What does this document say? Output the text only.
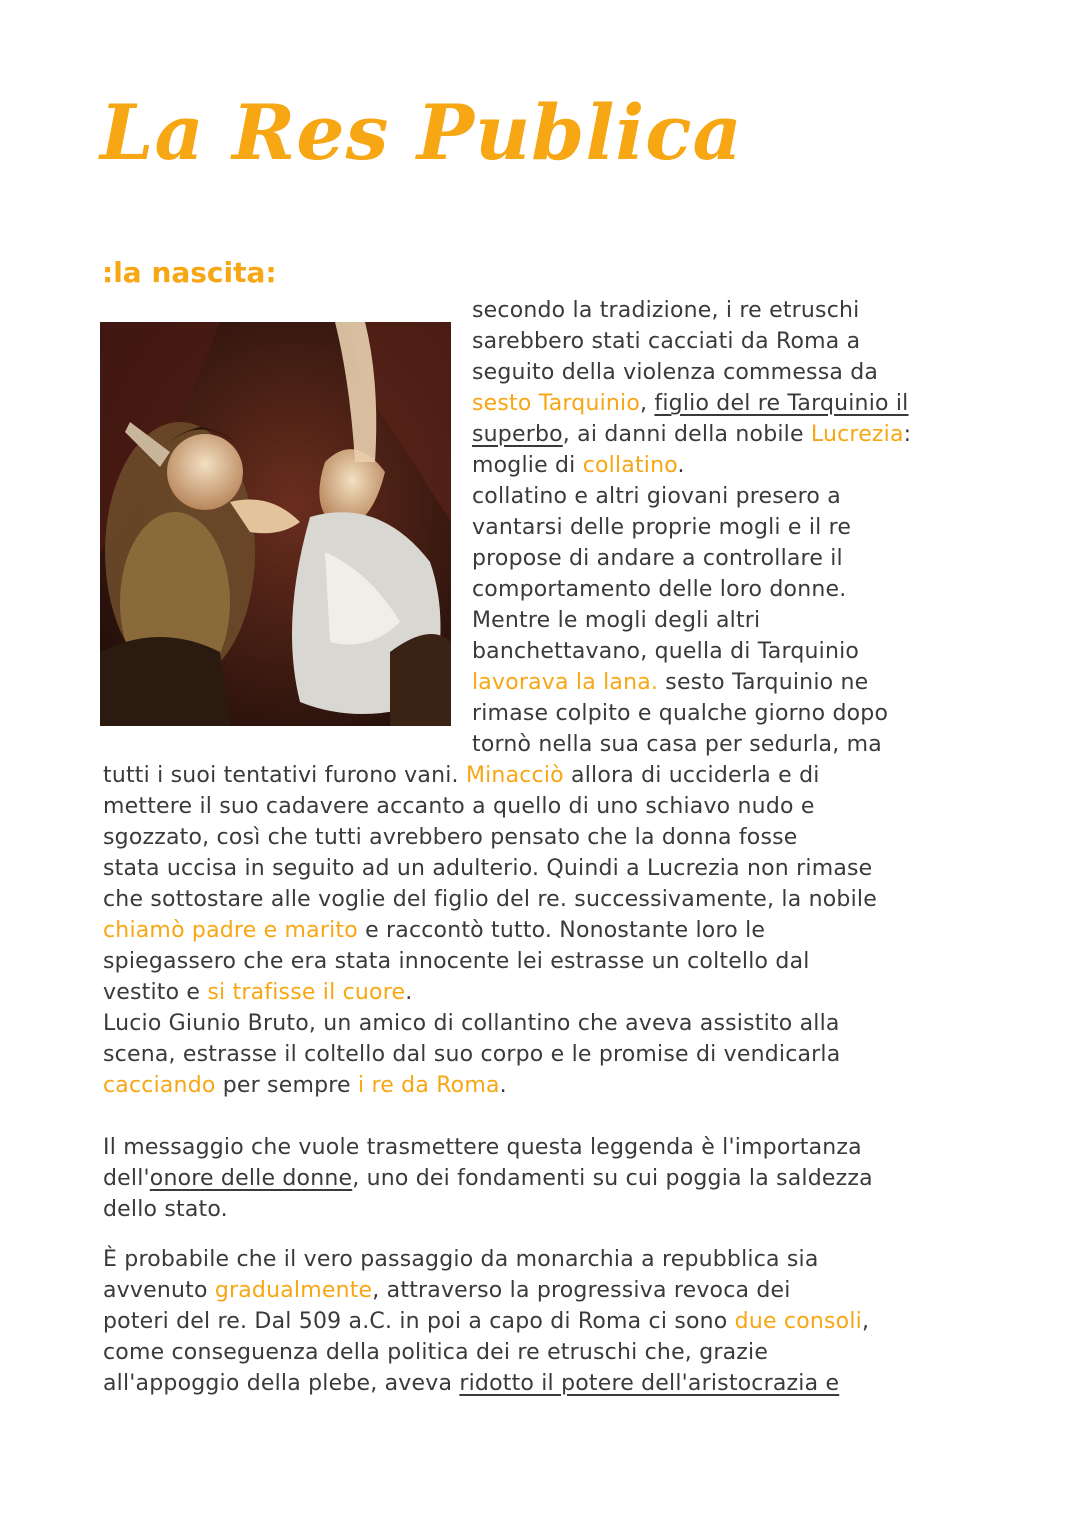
La Res Publica
:la nascita:

secondo la tradizione, i re etruschi

sarebbero stati cacciati da Roma a

seguito della violenza commessa da

sesto Tarquinio, figlio del re Tarquinio il

superbo, ai danni della nobile Lucrezia:

moglie di collatino.

collatino e altri giovani presero a

vantarsi delle proprie mogli e il re

propose di andare a controllare il

comportamento delle loro donne.

Mentre le mogli degli altri

banchettavano, quella di Tarquinio

lavorava la lana. sesto Tarquinio ne

rimase colpito e qualche giorno dopo

tornò nella sua casa per sedurla, ma

tutti i suoi tentativi furono vani. Minacciò allora di ucciderla e di

mettere il suo cadavere accanto a quello di uno schiavo nudo e

sgozzato, così che tutti avrebbero pensato che la donna fosse

stata uccisa in seguito ad un adulterio. Quindi a Lucrezia non rimase

che sottostare alle voglie del figlio del re. successivamente, la nobile

chiamò padre e marito e raccontò tutto. Nonostante loro le

spiegassero che era stata innocente lei estrasse un coltello dal

vestito e si trafisse il cuore.

Lucio Giunio Bruto, un amico di collantino che aveva assistito alla

scena, estrasse il coltello dal suo corpo e le promise di vendicarla

cacciando per sempre i re da Roma.

Il messaggio che vuole trasmettere questa leggenda è l'importanza

dell'onore delle donne, uno dei fondamenti su cui poggia la saldezza

dello stato.

È probabile che il vero passaggio da monarchia a repubblica sia

avvenuto gradualmente, attraverso la progressiva revoca dei

poteri del re. Dal 509 a.C. in poi a capo di Roma ci sono due consoli,

come conseguenza della politica dei re etruschi che, grazie

all'appoggio della plebe, aveva ridotto il potere dell'aristocrazia e
